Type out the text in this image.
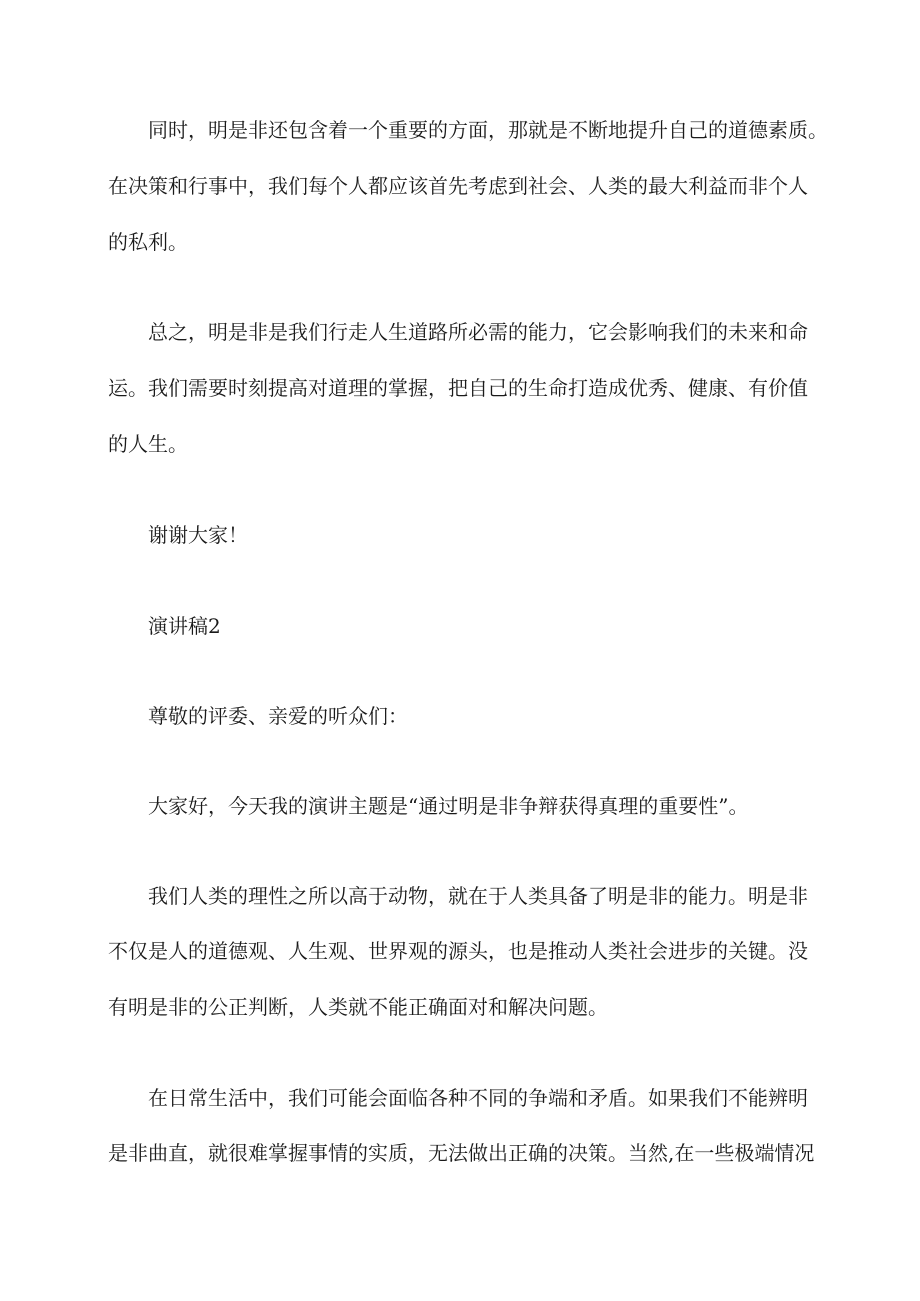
同时，明是非还包含着一个重要的方面，那就是不断地提升自己的道德素质。
在决策和行事中，我们每个人都应该首先考虑到社会、人类的最大利益而非个人
的私利。
总之，明是非是我们行走人生道路所必需的能力，它会影响我们的未来和命
运。我们需要时刻提高对道理的掌握，把自己的生命打造成优秀、健康、有价值
的人生。
谢谢大家！
演讲稿2
尊敬的评委、亲爱的听众们：
大家好，今天我的演讲主题是“通过明是非争辩获得真理的重要性”。
我们人类的理性之所以高于动物，就在于人类具备了明是非的能力。明是非
不仅是人的道德观、人生观、世界观的源头，也是推动人类社会进步的关键。没
有明是非的公正判断，人类就不能正确面对和解决问题。
在日常生活中，我们可能会面临各种不同的争端和矛盾。如果我们不能辨明
是非曲直，就很难掌握事情的实质，无法做出正确的决策。当然,在一些极端情况
